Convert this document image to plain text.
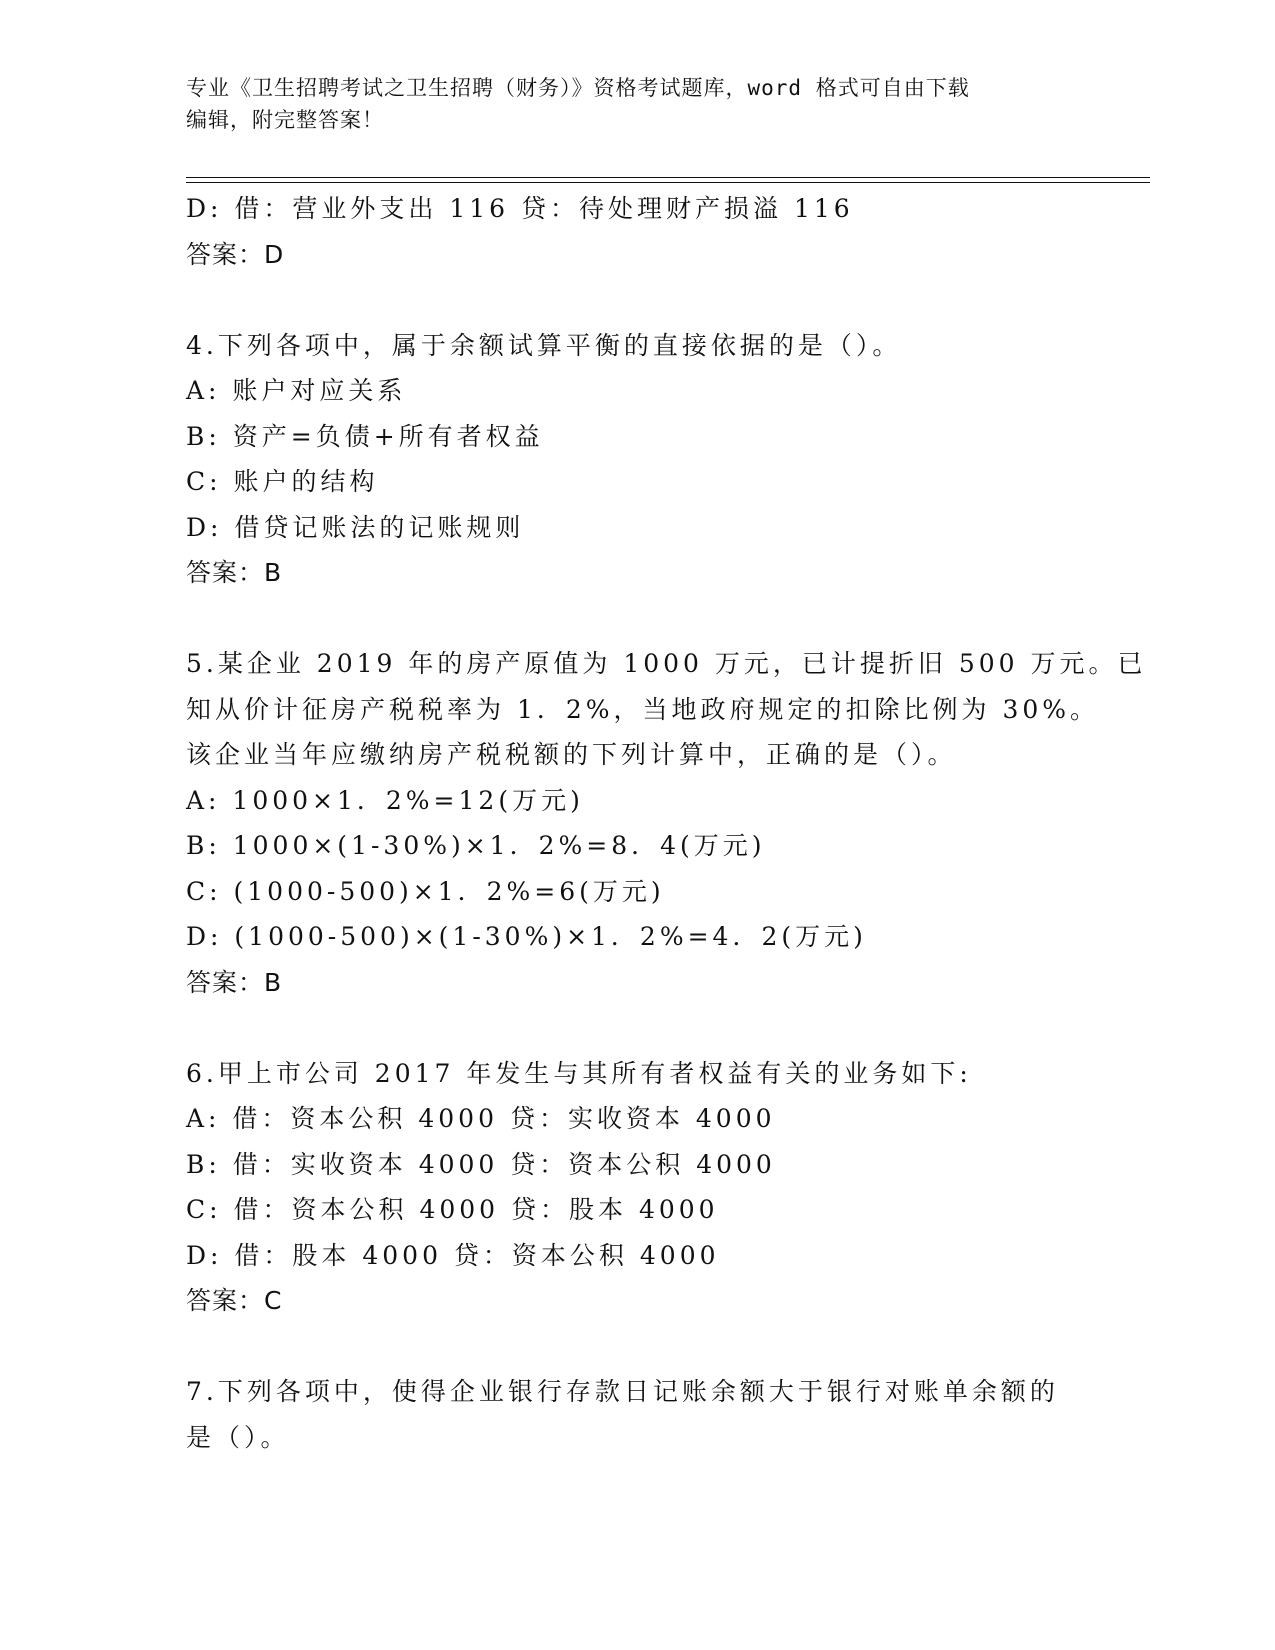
专业《卫生招聘考试之卫生招聘（财务）》资格考试题库，word 格式可自由下载
编辑，附完整答案！

D: 借：营业外支出 116 贷：待处理财产损溢 116

答案：D

4.下列各项中，属于余额试算平衡的直接依据的是（）。

A: 账户对应关系

B: 资产=负债+所有者权益

C: 账户的结构

D: 借贷记账法的记账规则

答案：B

5.某企业 2019 年的房产原值为 1000 万元，已计提折旧 500 万元。已

知从价计征房产税税率为 1．2%，当地政府规定的扣除比例为 30%。

该企业当年应缴纳房产税税额的下列计算中，正确的是（）。

A: 1000×1．2%=12(万元)

B: 1000×(1-30%)×1．2%=8．4(万元)

C: (1000-500)×1．2%=6(万元)

D: (1000-500)×(1-30%)×1．2%=4．2(万元)

答案：B

6.甲上市公司 2017 年发生与其所有者权益有关的业务如下:

A: 借：资本公积 4000 贷：实收资本 4000

B: 借：实收资本 4000 贷：资本公积 4000

C: 借：资本公积 4000 贷：股本 4000

D: 借：股本 4000 贷：资本公积 4000

答案：C

7.下列各项中，使得企业银行存款日记账余额大于银行对账单余额的

是（）。
